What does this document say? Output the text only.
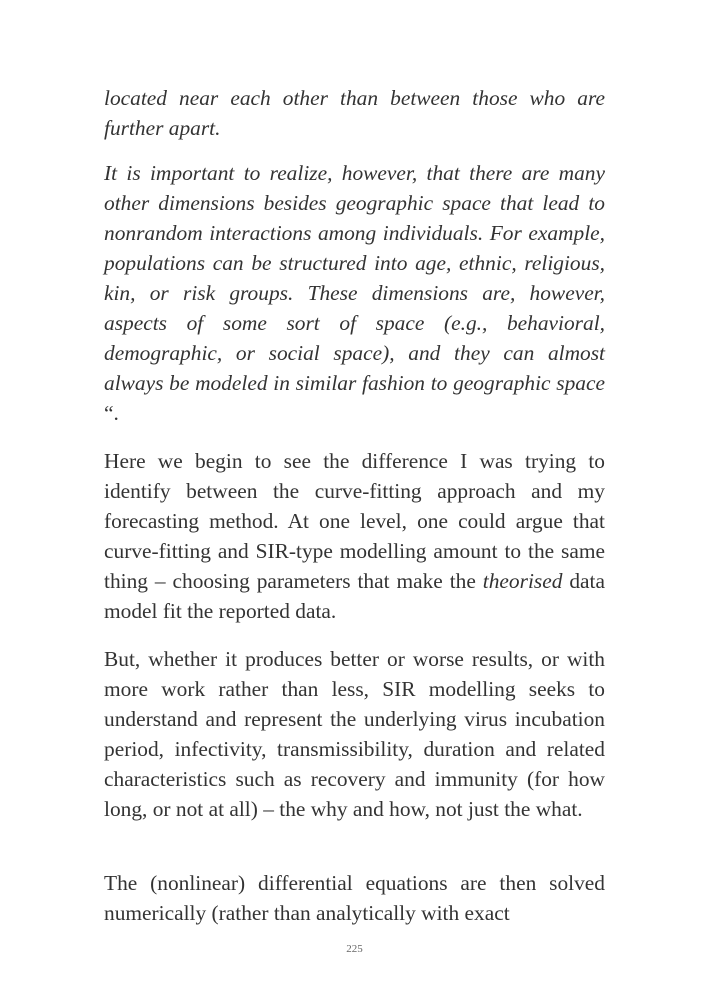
located near each other than between those who are further apart.

It is important to realize, however, that there are many other dimensions besides geographic space that lead to nonrandom interactions among individuals. For example, populations can be structured into age, ethnic, religious, kin, or risk groups. These dimensions are, however, aspects of some sort of space (e.g., behavioral, demographic, or social space), and they can almost always be modeled in similar fashion to geographic space “.

Here we begin to see the difference I was trying to identify between the curve-fitting approach and my forecasting method. At one level, one could argue that curve-fitting and SIR-type modelling amount to the same thing – choosing parameters that make the theorised data model fit the reported data.

But, whether it produces better or worse results, or with more work rather than less, SIR modelling seeks to understand and represent the underlying virus incubation period, infectivity, transmissibility, duration and related characteristics such as recovery and immunity (for how long, or not at all) – the why and how, not just the what.

The (nonlinear) differential equations are then solved numerically (rather than analytically with exact

225
